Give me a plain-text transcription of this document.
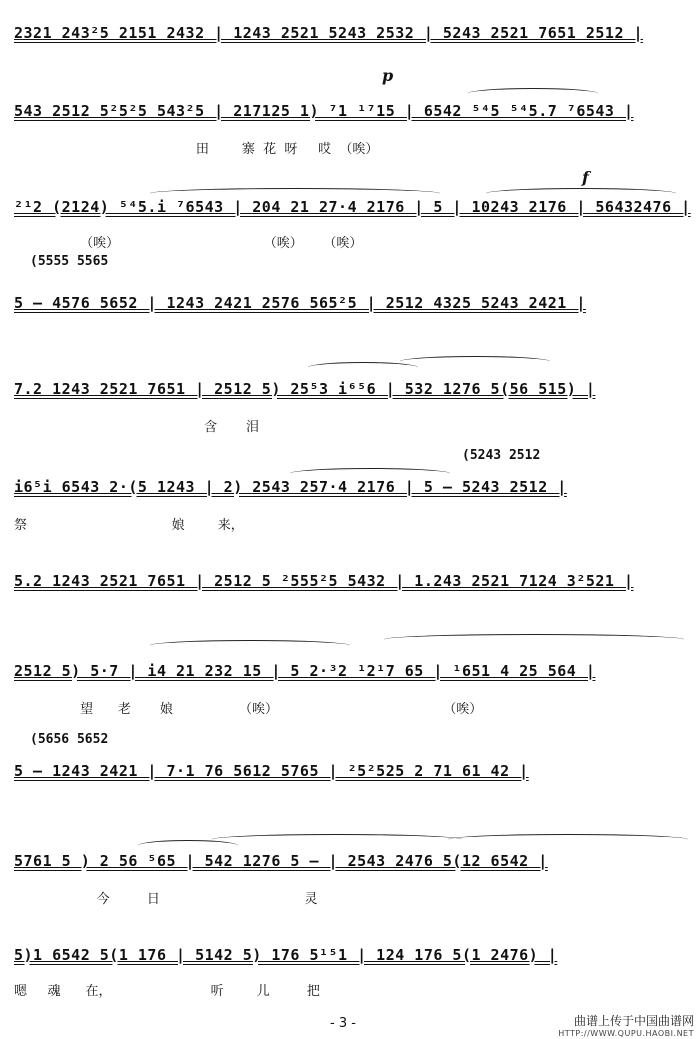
2321 243²5 2151 2432 | 1243 2521 5243 2532 | 5243 2521 7651 2512 |
p
543 2512 5²5²5 543²5 | 217125 1) ⁷1 ¹⁷15 | 6542 ⁵⁴5 ⁵⁴5.7 ⁷6543 |
田        寨  花  呀     哎  （唉）
f
²¹2 (2124) ⁵⁴5.i ⁷6543 | 204 21 27·4 2176 | 5 | 10243 2176 | 56432476 |
（唉）                                   （唉）     （唉）
(5555 5565
5 – 4576 5652 | 1243 2421 2576 565²5 | 2512 4325 5243 2421 |
7.2 1243 2521 7651 | 2512 5) 25⁵3 i⁶⁵6 | 532 1276 5(56 515) |
含       泪
(5243 2512
i6⁵i 6543 2·(5 1243 | 2) 2543 257·4 2176 | 5 — 5243 2512 |
祭                                   娘        来，
5.2 1243 2521 7651 | 2512 5 ²555²5 5432 | 1.243 2521 7124 3²521 |
2512 5) 5·7 | i4 21 232 15 | 5 2·³2 ¹2¹7 65 | ¹651 4 25 564 |
望      老       娘                （唉）                                        （唉）
(5656 5652
5 – 1243 2421 | 7·1 76 5612 5765 | ²5²525 2 71 61 42 |
5761 5 ) 2 56 ⁵65 | 542 1276 5 – | 2543 2476 5(12 6542 |
今         日                                   灵
5)1 6542 5(1 176 | 5142 5) 176 5¹⁵1 | 124 176 5(1 2476) |
嗯     魂      在，                        听        儿         把
- 3 -	曲谱上传于中国曲谱网
HTTP://WWW.QUPU.HAOBI.NET
